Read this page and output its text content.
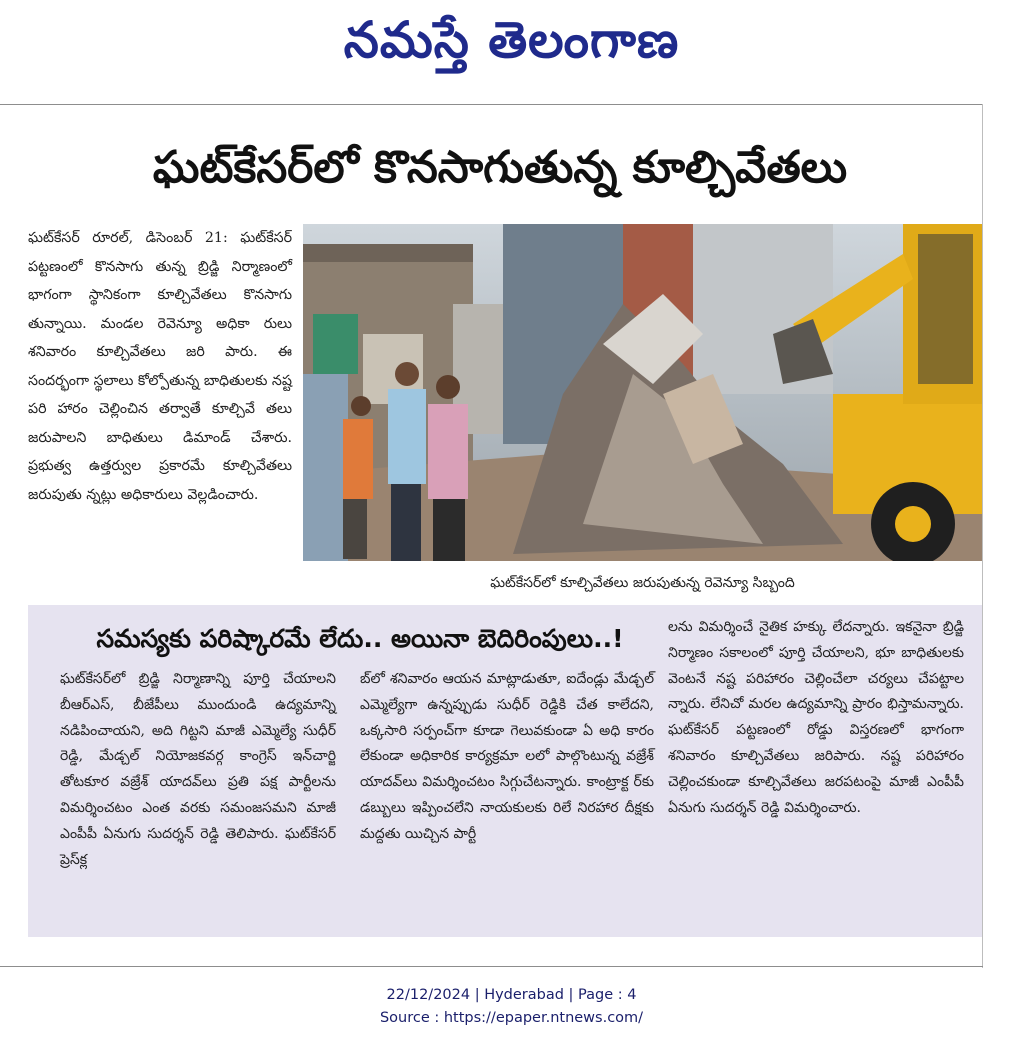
నమస్తే తెలంగాణ
ఘట్‌కేసర్‌లో కొనసాగుతున్న కూల్చివేతలు
ఘట్‌కేసర్ రూరల్, డిసెంబర్ 21: ఘట్‌కేసర్ పట్టణంలో కొనసాగు తున్న బ్రిడ్జి నిర్మాణంలో భాగంగా స్థానికంగా కూల్చివేతలు కొనసాగు తున్నాయి. మండల రెవెన్యూ అధికా రులు శనివారం కూల్చివేతలు జరి పారు. ఈ సందర్భంగా స్థలాలు కోల్పోతున్న బాధితులకు నష్ట పరి హారం చెల్లించిన తర్వాతే కూల్చివే తలు జరుపాలని బాధితులు డిమాండ్ చేశారు. ప్రభుత్వ ఉత్తర్వుల ప్రకారమే కూల్చివేతలు జరుపుతు న్నట్లు అధికారులు వెల్లడించారు.
ఘట్‌కేసర్‌లో కూల్చివేతలు జరుపుతున్న రెవెన్యూ సిబ్బంది
సమస్యకు పరిష్కారమే లేదు.. అయినా బెదిరింపులు..!
ఘట్‌కేసర్‌లో బ్రిడ్జి నిర్మాణాన్ని పూర్తి చేయాలని బీఆర్‌ఎస్, బీజేపీలు ముందుండి ఉద్యమాన్ని నడిపించాయని, అది గిట్టని మాజీ ఎమ్మెల్యే సుధీర్ రెడ్డి, మేడ్చల్ నియోజకవర్గ కాంగ్రెస్ ఇన్‌చార్జి తోటకూర వజ్రేశ్ యాదవ్‌లు ప్రతి పక్ష పార్టీలను విమర్శించటం ఎంత వరకు సమంజసమని మాజీ ఎంపీపీ ఏనుగు సుదర్శన్ రెడ్డి తెలిపారు. ఘట్‌కేసర్ ప్రెస్‌క్ల
బ్‌లో శనివారం ఆయన మాట్లాడుతూ, ఐదేండ్లు మేడ్చల్ ఎమ్మెల్యేగా ఉన్నప్పుడు సుధీర్ రెడ్డికి చేత కాలేదని, ఒక్కసారి సర్పంచ్‌గా కూడా గెలువకుండా ఏ అధి కారం లేకుండా అధికారిక కార్యక్రమా లలో పాల్గొంటున్న వజ్రేశ్ యాదవ్‌లు విమర్శించటం సిగ్గుచేటన్నారు. కాంట్రాక్ట ర్‌కు డబ్బులు ఇప్పించలేని నాయకులకు రిలే నిరహార దీక్షకు మద్దతు యిచ్చిన పార్టీ
లను విమర్శించే నైతిక హక్కు లేదన్నారు. ఇకనైనా బ్రిడ్జి నిర్మాణం సకాలంలో పూర్తి చేయాలని, భూ బాధితులకు వెంటనే నష్ట పరిహారం చెల్లించేలా చర్యలు చేపట్టాల న్నారు. లేనిచో మరల ఉద్యమాన్ని ప్రారం భిస్తామన్నారు. ఘట్‌కేసర్ పట్టణంలో రోడ్డు విస్తరణలో భాగంగా శనివారం కూల్చివేతలు జరిపారు. నష్ట పరిహారం చెల్లించకుండా కూల్చివేతలు జరపటంపై మాజీ ఎంపీపీ ఏనుగు సుదర్శన్ రెడ్డి విమర్శించారు.
22/12/2024 | Hyderabad | Page : 4
Source : https://epaper.ntnews.com/
